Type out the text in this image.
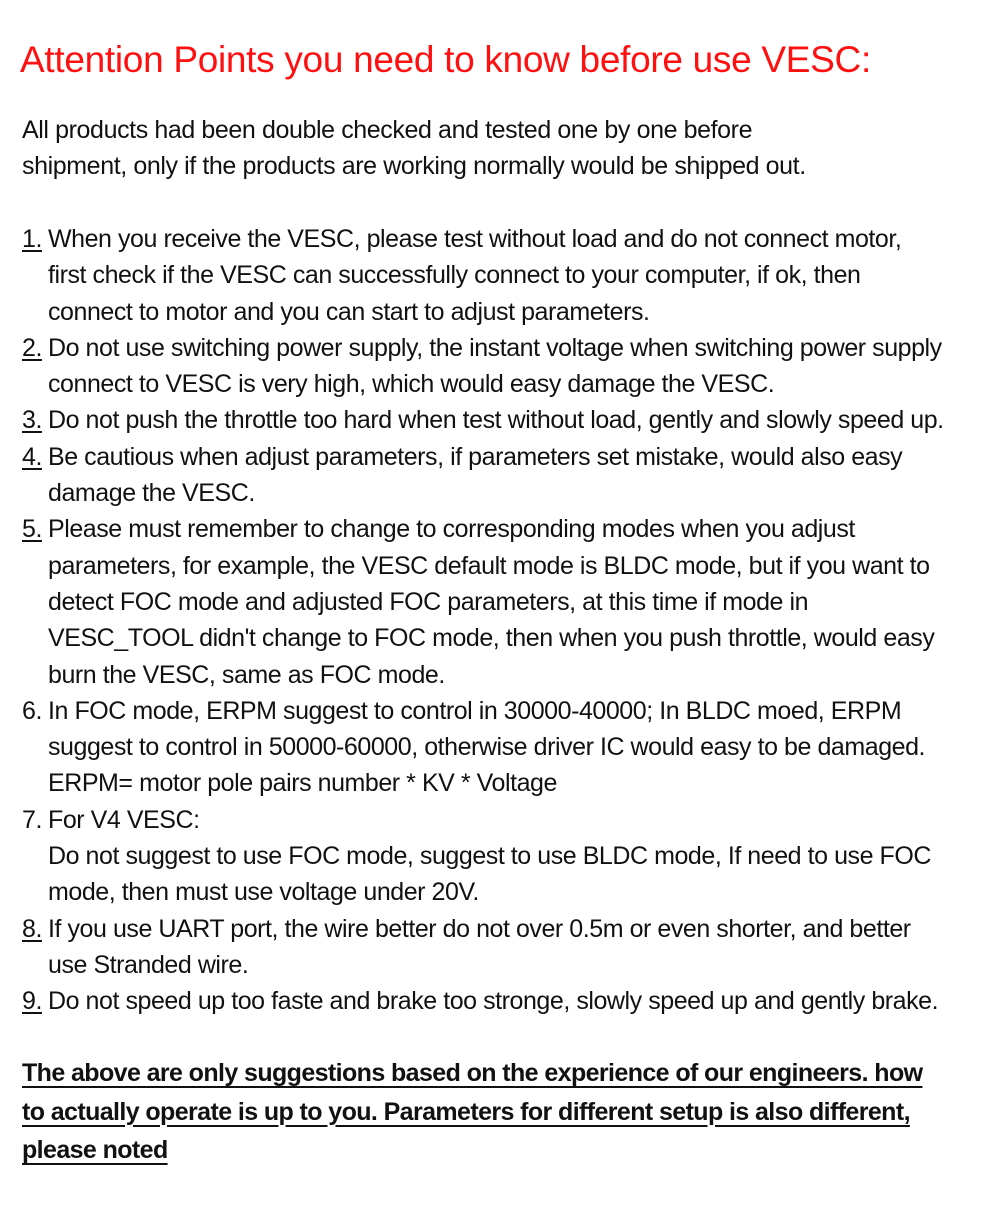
Attention Points you need to know before use VESC:
All products had been double checked and tested one by one before
shipment, only if the products are working normally would be shipped out.
1. When you receive the VESC, please test without load and do not connect motor,
first check if the VESC can successfully connect to your computer, if ok, then
connect to motor and you can start to adjust parameters.
2. Do not use switching power supply, the instant voltage when switching power supply
connect to VESC is very high, which would easy damage the VESC.
3. Do not push the throttle too hard when test without load, gently and slowly speed up.
4. Be cautious when adjust parameters, if parameters set mistake, would also easy
damage the VESC.
5. Please must remember to change to corresponding modes when you adjust
parameters, for example, the VESC default mode is BLDC mode, but if you want to
detect FOC mode and adjusted FOC parameters, at this time if mode in
VESC_TOOL didn't change to FOC mode, then when you push throttle, would easy
burn the VESC, same as FOC mode.
6. In FOC mode, ERPM suggest to control in 30000-40000; In BLDC moed, ERPM
suggest to control in 50000-60000, otherwise driver IC would easy to be damaged.
ERPM= motor pole pairs number * KV * Voltage
7. For V4 VESC:
Do not suggest to use FOC mode, suggest to use BLDC mode, If need to use FOC
mode, then must use voltage under 20V.
8. If you use UART port, the wire better do not over 0.5m or even shorter, and better
use Stranded wire.
9. Do not speed up too faste and brake too stronge, slowly speed up and gently brake.
The above are only suggestions based on the experience of our engineers. how
to actually operate is up to you. Parameters for different setup is also different,
please noted
